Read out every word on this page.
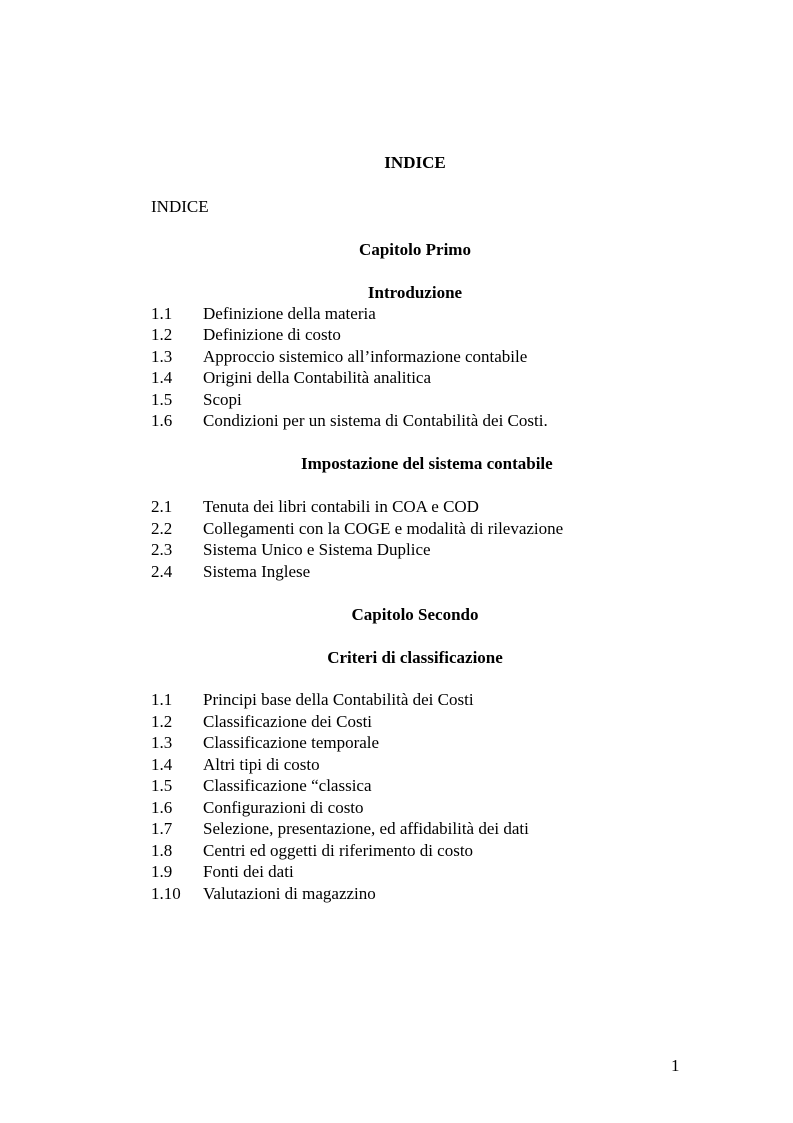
INDICE
INDICE
Capitolo Primo
Introduzione
1.1 Definizione della materia
1.2 Definizione di costo
1.3 Approccio sistemico all’informazione contabile
1.4 Origini della Contabilità analitica
1.5 Scopi
1.6 Condizioni per un sistema di Contabilità dei Costi.
Impostazione del sistema contabile
2.1 Tenuta dei libri contabili in COA e COD
2.2 Collegamenti con la COGE e modalità di rilevazione
2.3 Sistema Unico e Sistema Duplice
2.4 Sistema Inglese
Capitolo Secondo
Criteri di classificazione
1.1 Principi base della Contabilità dei Costi
1.2 Classificazione dei Costi
1.3 Classificazione temporale
1.4 Altri tipi di costo
1.5 Classificazione “classica
1.6 Configurazioni di costo
1.7 Selezione, presentazione, ed affidabilità dei dati
1.8 Centri ed oggetti di riferimento di costo
1.9 Fonti dei dati
1.10 Valutazioni di magazzino
1
